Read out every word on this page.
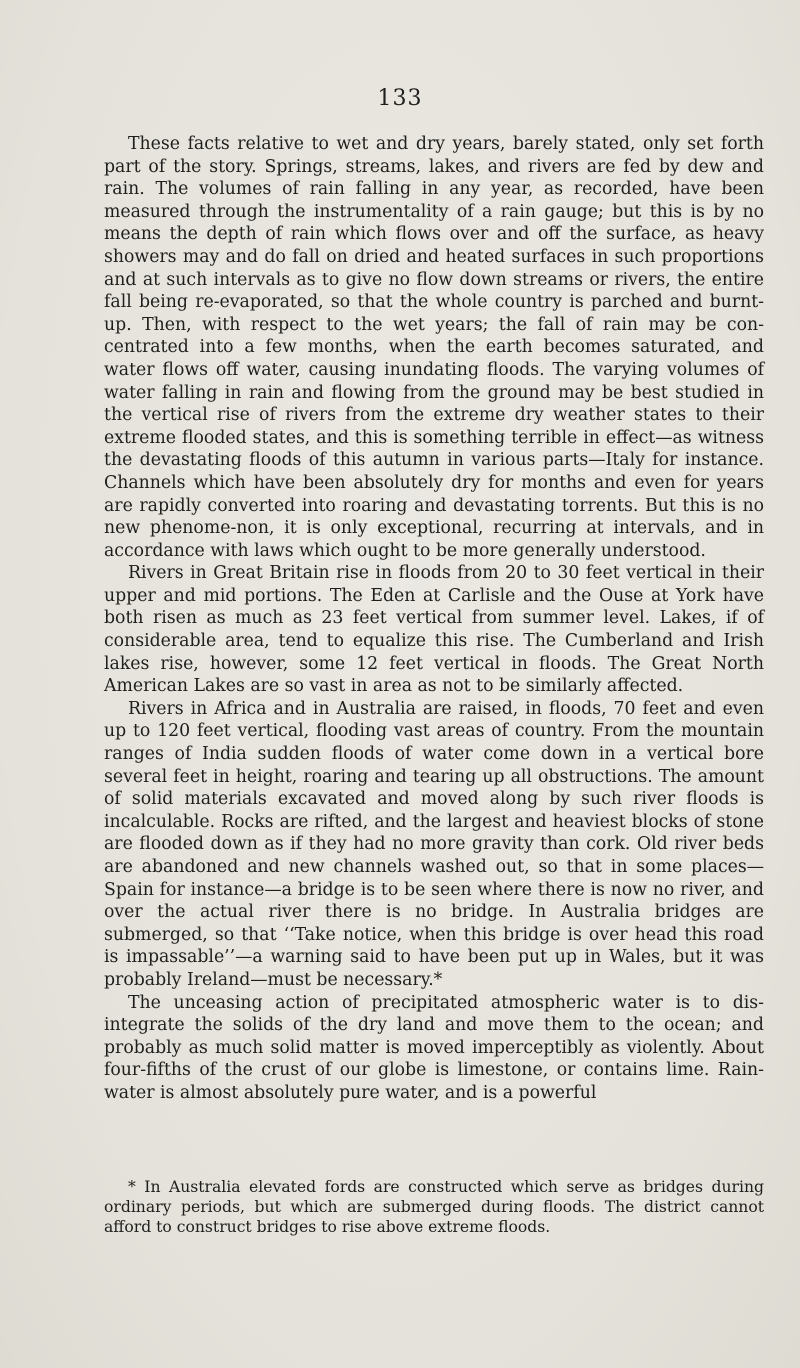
133

These facts relative to wet and dry years, barely stated, only set forth part of the story. Springs, streams, lakes, and rivers are fed by dew and rain. The volumes of rain falling in any year, as recorded, have been measured through the instrumentality of a rain gauge; but this is by no means the depth of rain which flows over and off the surface, as heavy showers may and do fall on dried and heated surfaces in such proportions and at such intervals as to give no flow down streams or rivers, the entire fall being re-evaporated, so that the whole country is parched and burnt-up. Then, with respect to the wet years; the fall of rain may be con-centrated into a few months, when the earth becomes saturated, and water flows off water, causing inundating floods. The varying volumes of water falling in rain and flowing from the ground may be best studied in the vertical rise of rivers from the extreme dry weather states to their extreme flooded states, and this is something terrible in effect—as witness the devastating floods of this autumn in various parts—Italy for instance. Channels which have been absolutely dry for months and even for years are rapidly converted into roaring and devastating torrents. But this is no new phenome-non, it is only exceptional, recurring at intervals, and in accordance with laws which ought to be more generally understood.

Rivers in Great Britain rise in floods from 20 to 30 feet vertical in their upper and mid portions. The Eden at Carlisle and the Ouse at York have both risen as much as 23 feet vertical from summer level. Lakes, if of considerable area, tend to equalize this rise. The Cumberland and Irish lakes rise, however, some 12 feet vertical in floods. The Great North American Lakes are so vast in area as not to be similarly affected.

Rivers in Africa and in Australia are raised, in floods, 70 feet and even up to 120 feet vertical, flooding vast areas of country. From the mountain ranges of India sudden floods of water come down in a vertical bore several feet in height, roaring and tearing up all obstructions. The amount of solid materials excavated and moved along by such river floods is incalculable. Rocks are rifted, and the largest and heaviest blocks of stone are flooded down as if they had no more gravity than cork. Old river beds are abandoned and new channels washed out, so that in some places—Spain for instance—a bridge is to be seen where there is now no river, and over the actual river there is no bridge. In Australia bridges are submerged, so that ‘‘Take notice, when this bridge is over head this road is impassable’’—a warning said to have been put up in Wales, but it was probably Ireland—must be necessary.*

The unceasing action of precipitated atmospheric water is to dis-integrate the solids of the dry land and move them to the ocean; and probably as much solid matter is moved imperceptibly as violently. About four-fifths of the crust of our globe is limestone, or contains lime. Rain-water is almost absolutely pure water, and is a powerful

* In Australia elevated fords are constructed which serve as bridges during ordinary periods, but which are submerged during floods. The district cannot afford to construct bridges to rise above extreme floods.
